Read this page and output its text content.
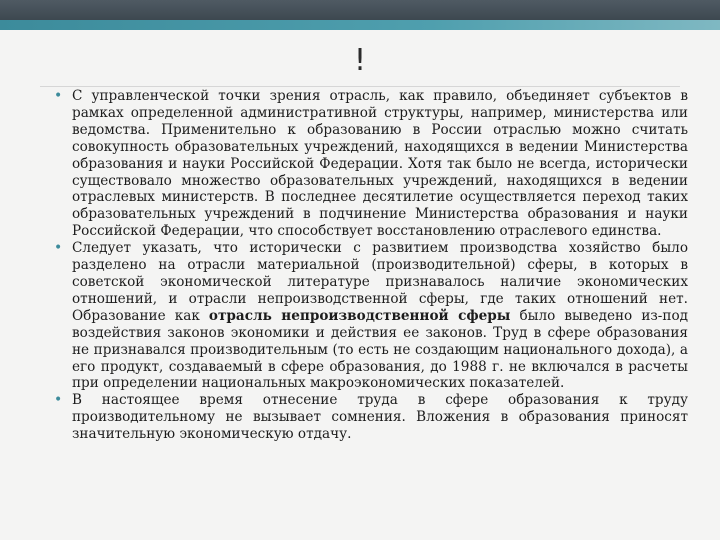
!
• С управленческой точки зрения отрасль, как правило, объединяет субъектов в рамках определенной административной структуры, например, министерства или ведомства. Применительно к образованию в России отраслью можно считать совокупность образовательных учреждений, находящихся в ведении Министерства образования и науки Российской Федерации. Хотя так было не всегда, исторически существовало множество образовательных учреждений, находящихся в ведении отраслевых министерств. В последнее десятилетие осуществляется переход таких образовательных учреждений в подчинение Министерства образования и науки Российской Федерации, что способствует восстановлению отраслевого единства.
• Следует указать, что исторически с развитием производства хозяйство было разделено на отрасли материальной (производительной) сферы, в которых в советской экономической литературе признавалось наличие экономических отношений, и отрасли непроизводственной сферы, где таких отношений нет. Образование как отрасль непроизводственной сферы было выведено из-под воздействия законов экономики и действия ее законов. Труд в сфере образования не признавался производительным (то есть не создающим национального дохода), а его продукт, создаваемый в сфере образования, до 1988 г. не включался в расчеты при определении национальных макроэкономических показателей.
• В настоящее время отнесение труда в сфере образования к труду производительному не вызывает сомнения. Вложения в образования приносят значительную экономическую отдачу.
